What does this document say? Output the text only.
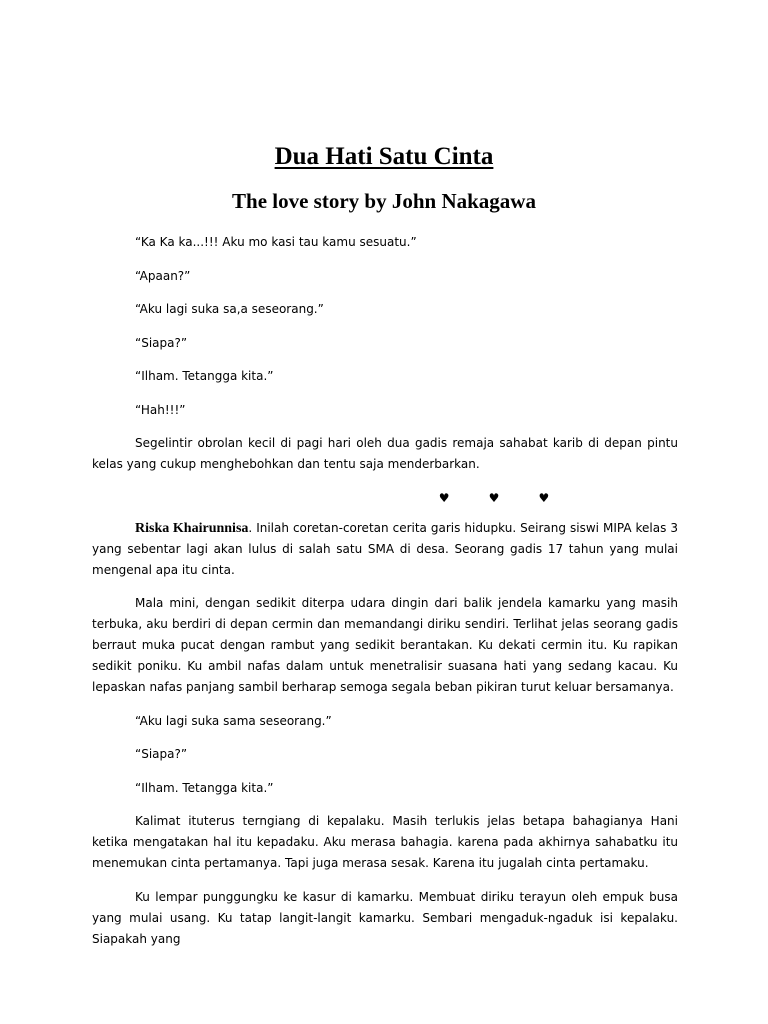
Dua Hati Satu Cinta
The love story by John Nakagawa

“Ka Ka ka...!!! Aku mo kasi tau kamu sesuatu.”

“Apaan?”

“Aku lagi suka sa,a seseorang.”

“Siapa?”

“Ilham. Tetangga kita.”

“Hah!!!”

Segelintir obrolan kecil di pagi hari oleh dua gadis remaja sahabat karib di depan pintu kelas yang cukup menghebohkan dan tentu saja menderbarkan.

♥	♥	♥

Riska Khairunnisa. Inilah coretan-coretan cerita garis hidupku. Seirang siswi MIPA kelas 3 yang sebentar lagi akan lulus di salah satu SMA di desa. Seorang gadis 17 tahun yang mulai mengenal apa itu cinta.

Mala mini, dengan sedikit diterpa udara dingin dari balik jendela kamarku yang masih terbuka, aku berdiri di depan cermin dan memandangi diriku sendiri. Terlihat jelas seorang gadis berraut muka pucat dengan rambut yang sedikit berantakan. Ku dekati cermin itu. Ku rapikan sedikit poniku. Ku ambil nafas dalam untuk menetralisir suasana hati yang sedang kacau. Ku lepaskan nafas panjang sambil berharap semoga segala beban pikiran turut keluar bersamanya.

“Aku lagi suka sama seseorang.”

“Siapa?”

“Ilham. Tetangga kita.”

Kalimat ituterus terngiang di kepalaku. Masih terlukis jelas betapa bahagianya Hani ketika mengatakan hal itu kepadaku. Aku merasa bahagia. karena pada akhirnya sahabatku itu menemukan cinta pertamanya. Tapi juga merasa sesak. Karena itu jugalah cinta pertamaku.

Ku lempar punggungku ke kasur di kamarku. Membuat diriku terayun oleh empuk busa yang mulai usang. Ku tatap langit-langit kamarku. Sembari mengaduk-ngaduk isi kepalaku. Siapakah yang
